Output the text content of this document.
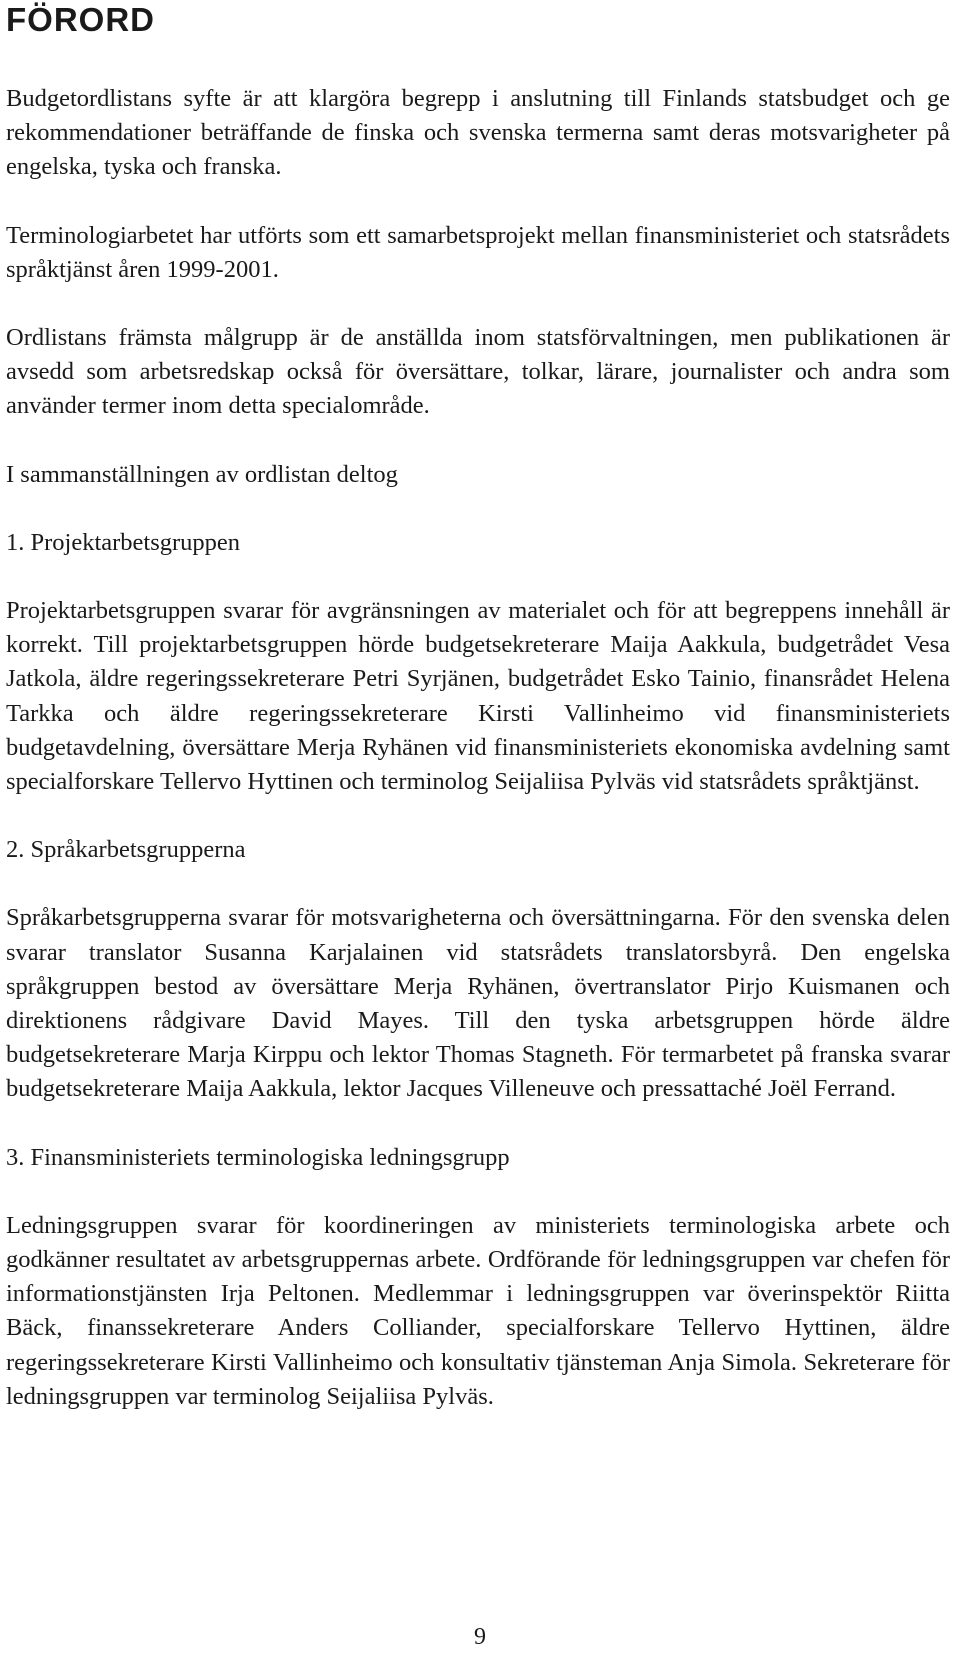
FÖRORD

Budgetordlistans syfte är att klargöra begrepp i anslutning till Finlands statsbudget och ge rekommendationer beträffande de finska och svenska termerna samt deras motsvarigheter på engelska, tyska och franska.

Terminologiarbetet har utförts som ett samarbetsprojekt mellan finansministeriet och statsrådets språktjänst åren 1999-2001.

Ordlistans främsta målgrupp är de anställda inom statsförvaltningen, men publikationen är avsedd som arbetsredskap också för översättare, tolkar, lärare, journalister och andra som använder termer inom detta specialområde.

I sammanställningen av ordlistan deltog

1. Projektarbetsgruppen

Projektarbetsgruppen svarar för avgränsningen av materialet och för att begreppens innehåll är korrekt. Till projektarbetsgruppen hörde budgetsekreterare Maija Aakkula, budgetrådet Vesa Jatkola, äldre regeringssekreterare Petri Syrjänen, budgetrådet Esko Tainio, finansrådet Helena Tarkka och äldre regeringssekreterare Kirsti Vallinheimo vid finansministeriets budgetavdelning, översättare Merja Ryhänen vid finansministeriets ekonomiska avdelning samt specialforskare Tellervo Hyttinen och terminolog Seijaliisa Pylväs vid statsrådets språktjänst.

2. Språkarbetsgrupperna

Språkarbetsgrupperna svarar för motsvarigheterna och översättningarna. För den svenska delen svarar translator Susanna Karjalainen vid statsrådets translatorsbyrå. Den engelska språkgruppen bestod av översättare Merja Ryhänen, övertranslator Pirjo Kuismanen och direktionens rådgivare David Mayes. Till den tyska arbetsgruppen hörde äldre budgetsekreterare Marja Kirppu och lektor Thomas Stagneth. För termarbetet på franska svarar budgetsekreterare Maija Aakkula, lektor Jacques Villeneuve och pressattaché Joël Ferrand.

3. Finansministeriets terminologiska ledningsgrupp

Ledningsgruppen svarar för koordineringen av ministeriets terminologiska arbete och godkänner resultatet av arbetsgruppernas arbete. Ordförande för ledningsgruppen var chefen för informationstjänsten Irja Peltonen. Medlemmar i ledningsgruppen var överinspektör Riitta Bäck, finanssekreterare Anders Colliander, specialforskare Tellervo Hyttinen, äldre regeringssekreterare Kirsti Vallinheimo och konsultativ tjänsteman Anja Simola. Sekreterare för ledningsgruppen var terminolog Seijaliisa Pylväs.

9
